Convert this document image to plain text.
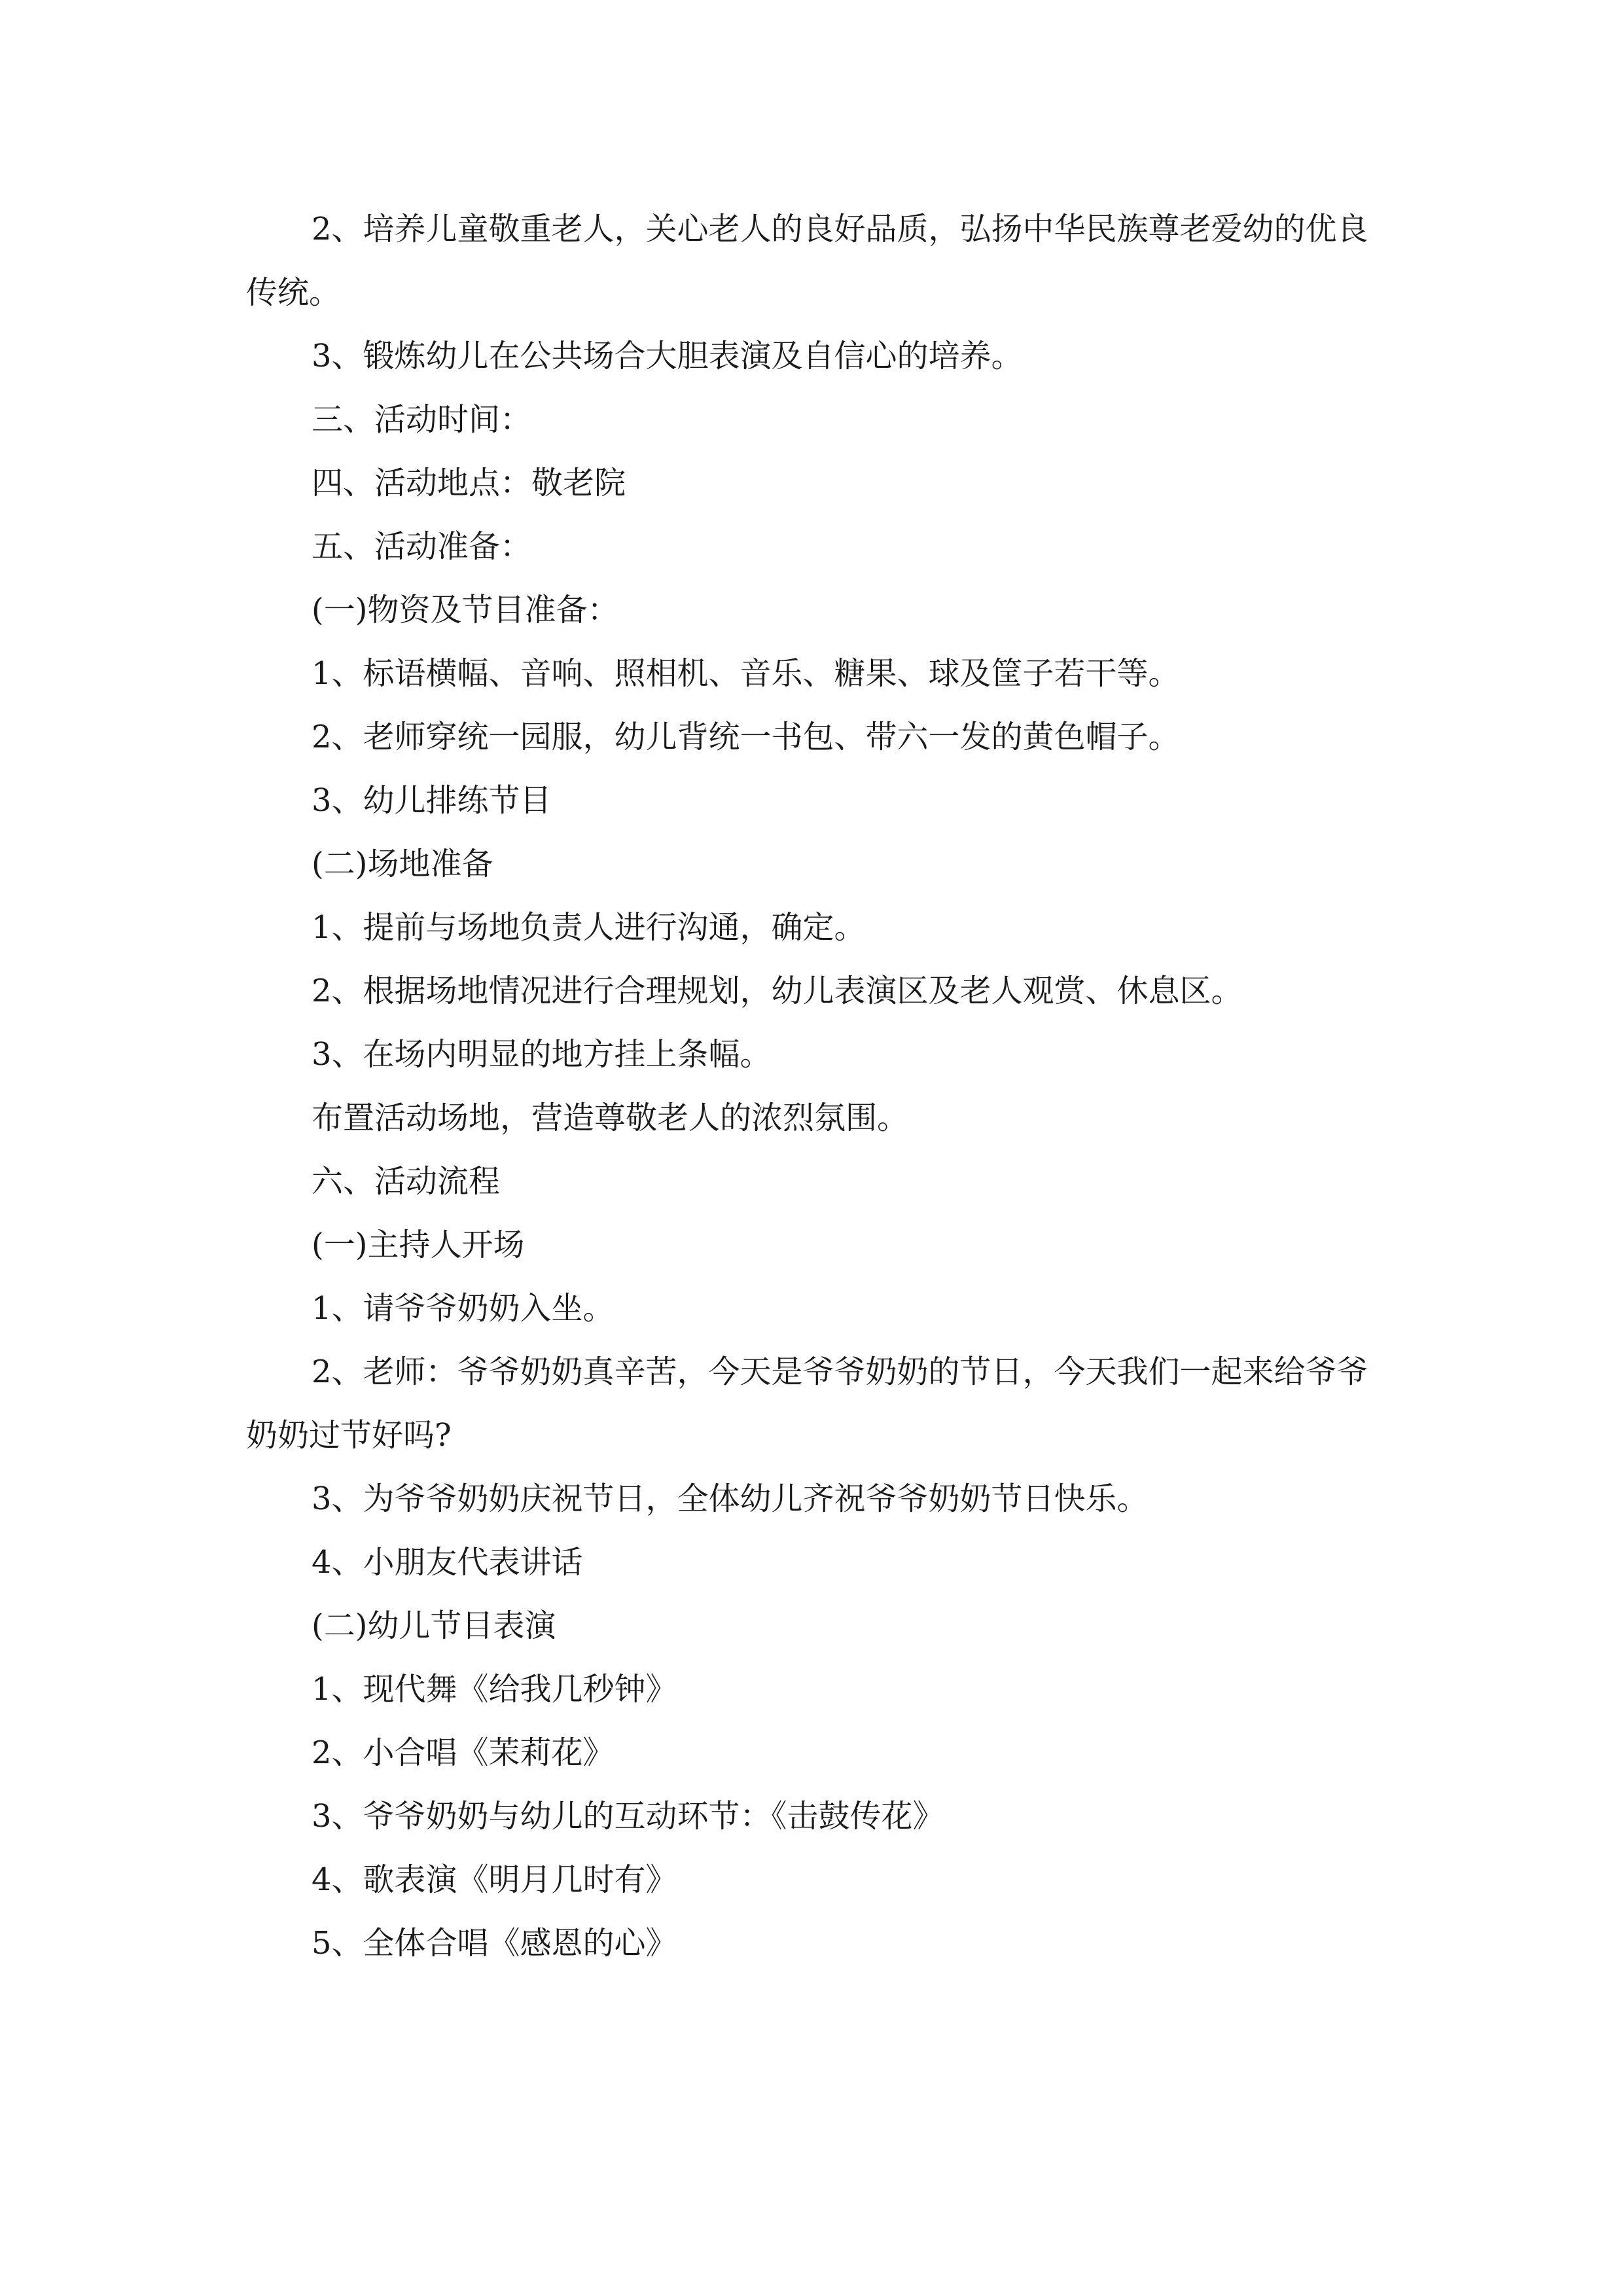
2、培养儿童敬重老人，关心老人的良好品质，弘扬中华民族尊老爱幼的优良传统。

3、锻炼幼儿在公共场合大胆表演及自信心的培养。

三、活动时间：

四、活动地点：敬老院

五、活动准备：

(一)物资及节目准备：

1、标语横幅、音响、照相机、音乐、糖果、球及筐子若干等。

2、老师穿统一园服，幼儿背统一书包、带六一发的黄色帽子。

3、幼儿排练节目

(二)场地准备

1、提前与场地负责人进行沟通，确定。

2、根据场地情况进行合理规划，幼儿表演区及老人观赏、休息区。

3、在场内明显的地方挂上条幅。

布置活动场地，营造尊敬老人的浓烈氛围。

六、活动流程

(一)主持人开场

1、请爷爷奶奶入坐。

2、老师：爷爷奶奶真辛苦，今天是爷爷奶奶的节日，今天我们一起来给爷爷奶奶过节好吗?

3、为爷爷奶奶庆祝节日，全体幼儿齐祝爷爷奶奶节日快乐。

4、小朋友代表讲话

(二)幼儿节目表演

1、现代舞《给我几秒钟》

2、小合唱《茉莉花》

3、爷爷奶奶与幼儿的互动环节：《击鼓传花》

4、歌表演《明月几时有》

5、全体合唱《感恩的心》
